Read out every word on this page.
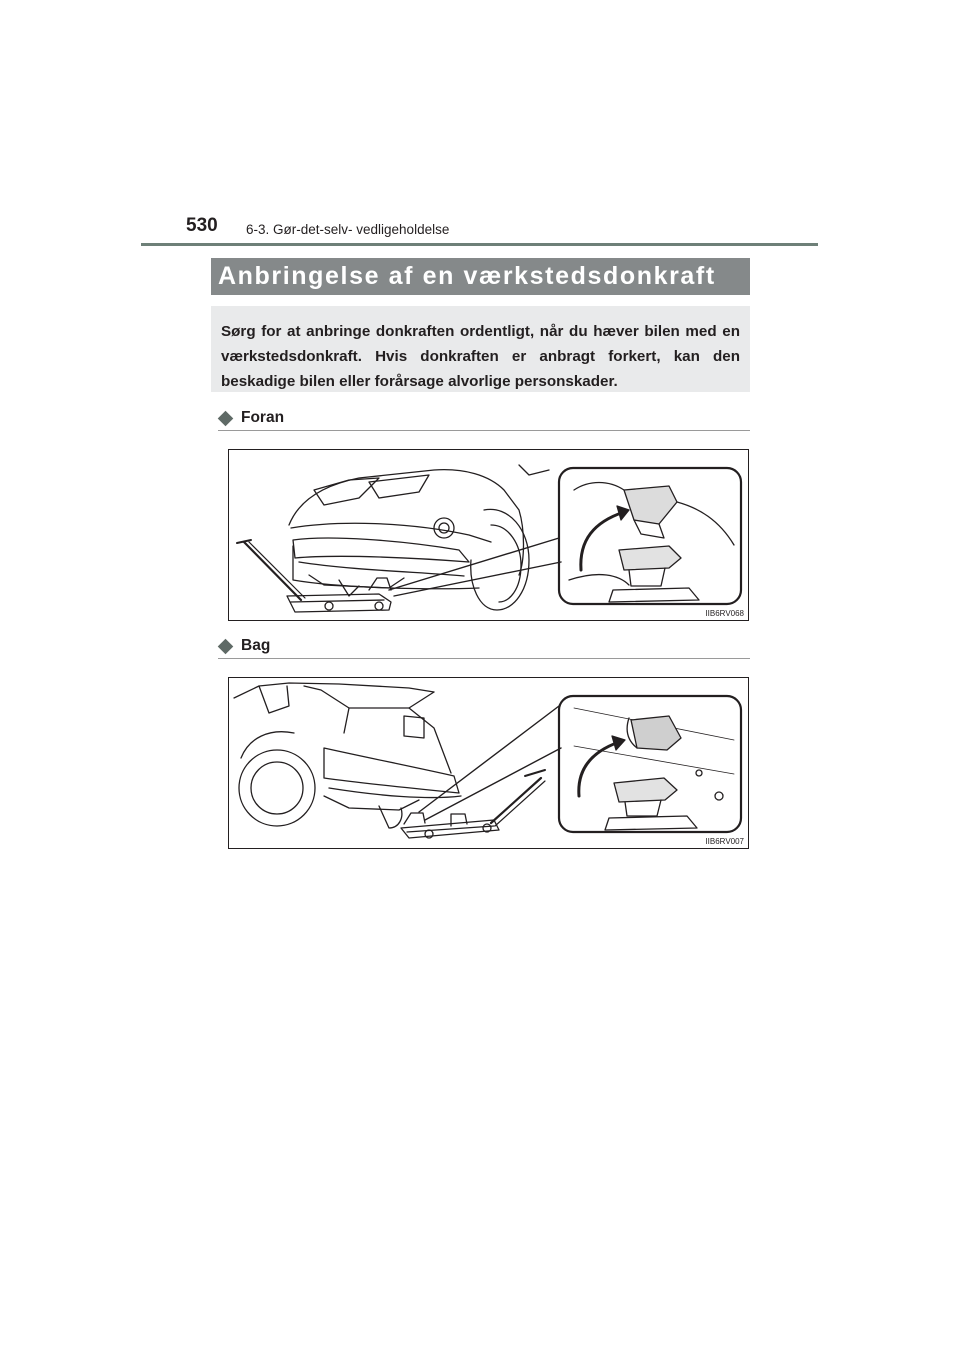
530 6-3. Gør-det-selv- vedligeholdelse
Anbringelse af en værkstedsdonkraft

Sørg for at anbringe donkraften ordentligt, når du hæver bilen med en værkstedsdonkraft. Hvis donkraften er anbragt forkert, kan den beskadige bilen eller forårsage alvorlige personskader.

Foran
IIB6RV068
Bag
IIB6RV007
